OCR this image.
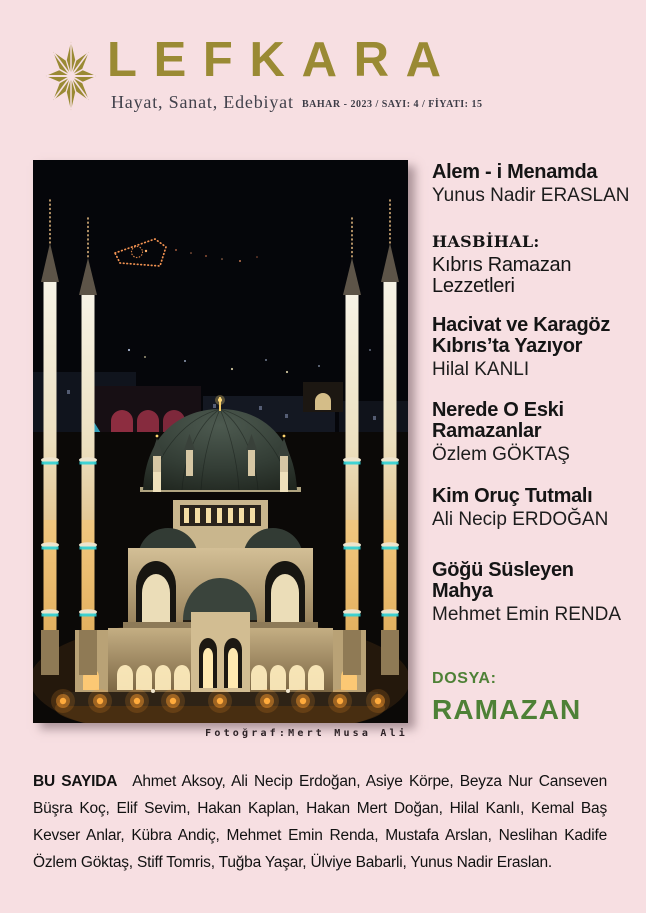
LEFKARA
Hayat, Sanat, Edebiyat BAHAR - 2023 / SAYI: 4 / FİYATI: 15
Fotoğraf:Mert Musa Ali
Alem - i Menamda
Yunus Nadir ERASLAN
HASBİHAL:
Kıbrıs Ramazan
Lezzetleri
Hacivat ve Karagöz
Kıbrıs’ta Yazıyor
Hilal KANLI
Nerede O Eski
Ramazanlar
Özlem GÖKTAŞ
Kim Oruç Tutmalı
Ali Necip ERDOĞAN
Göğü Süsleyen
Mahya
Mehmet Emin RENDA
DOSYA:
RAMAZAN
BU SAYIDA Ahmet Aksoy, Ali Necip Erdoğan, Asiye Körpe, Beyza Nur Canseven
Büşra Koç, Elif Sevim, Hakan Kaplan, Hakan Mert Doğan, Hilal Kanlı, Kemal Baş
Kevser Anlar, Kübra Andiç, Mehmet Emin Renda, Mustafa Arslan, Neslihan Kadife
Özlem Göktaş, Stiff Tomris, Tuğba Yaşar, Ülviye Babarli, Yunus Nadir Eraslan.
